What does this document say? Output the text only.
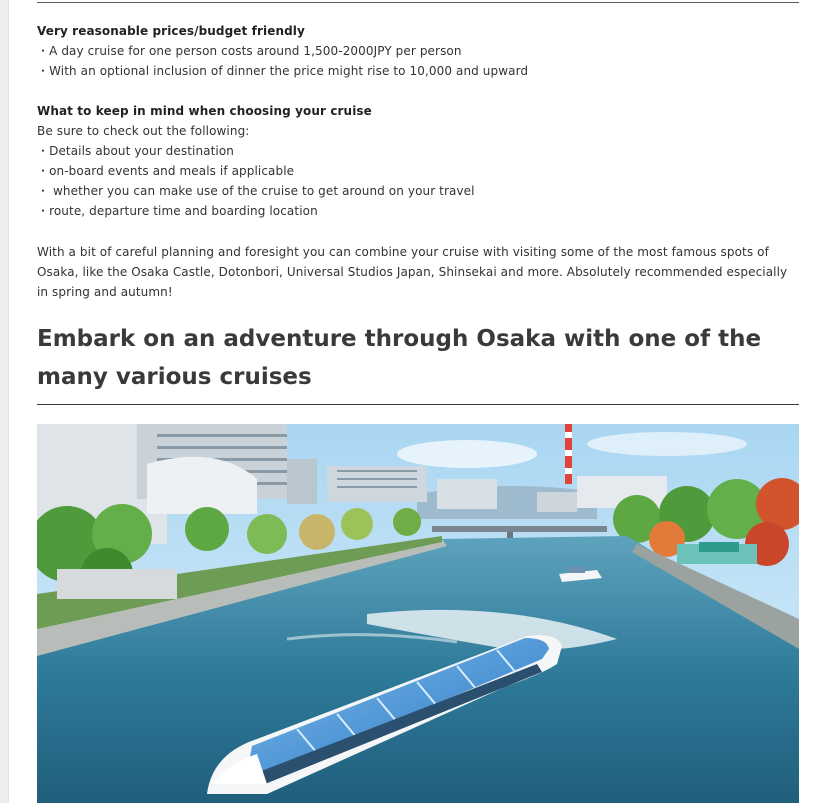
Very reasonable prices/budget friendly
・A day cruise for one person costs around 1,500-2000JPY per person
・With an optional inclusion of dinner the price might rise to 10,000 and upward
What to keep in mind when choosing your cruise
Be sure to check out the following:
・Details about your destination
・on-board events and meals if applicable
・ whether you can make use of the cruise to get around on your travel
・route, departure time and boarding location

With a bit of careful planning and foresight you can combine your cruise with visiting some of the most famous spots of Osaka, like the Osaka Castle, Dotonbori, Universal Studios Japan, Shinsekai and more. Absolutely recommended especially in spring and autumn!

Embark on an adventure through Osaka with one of the many various cruises
